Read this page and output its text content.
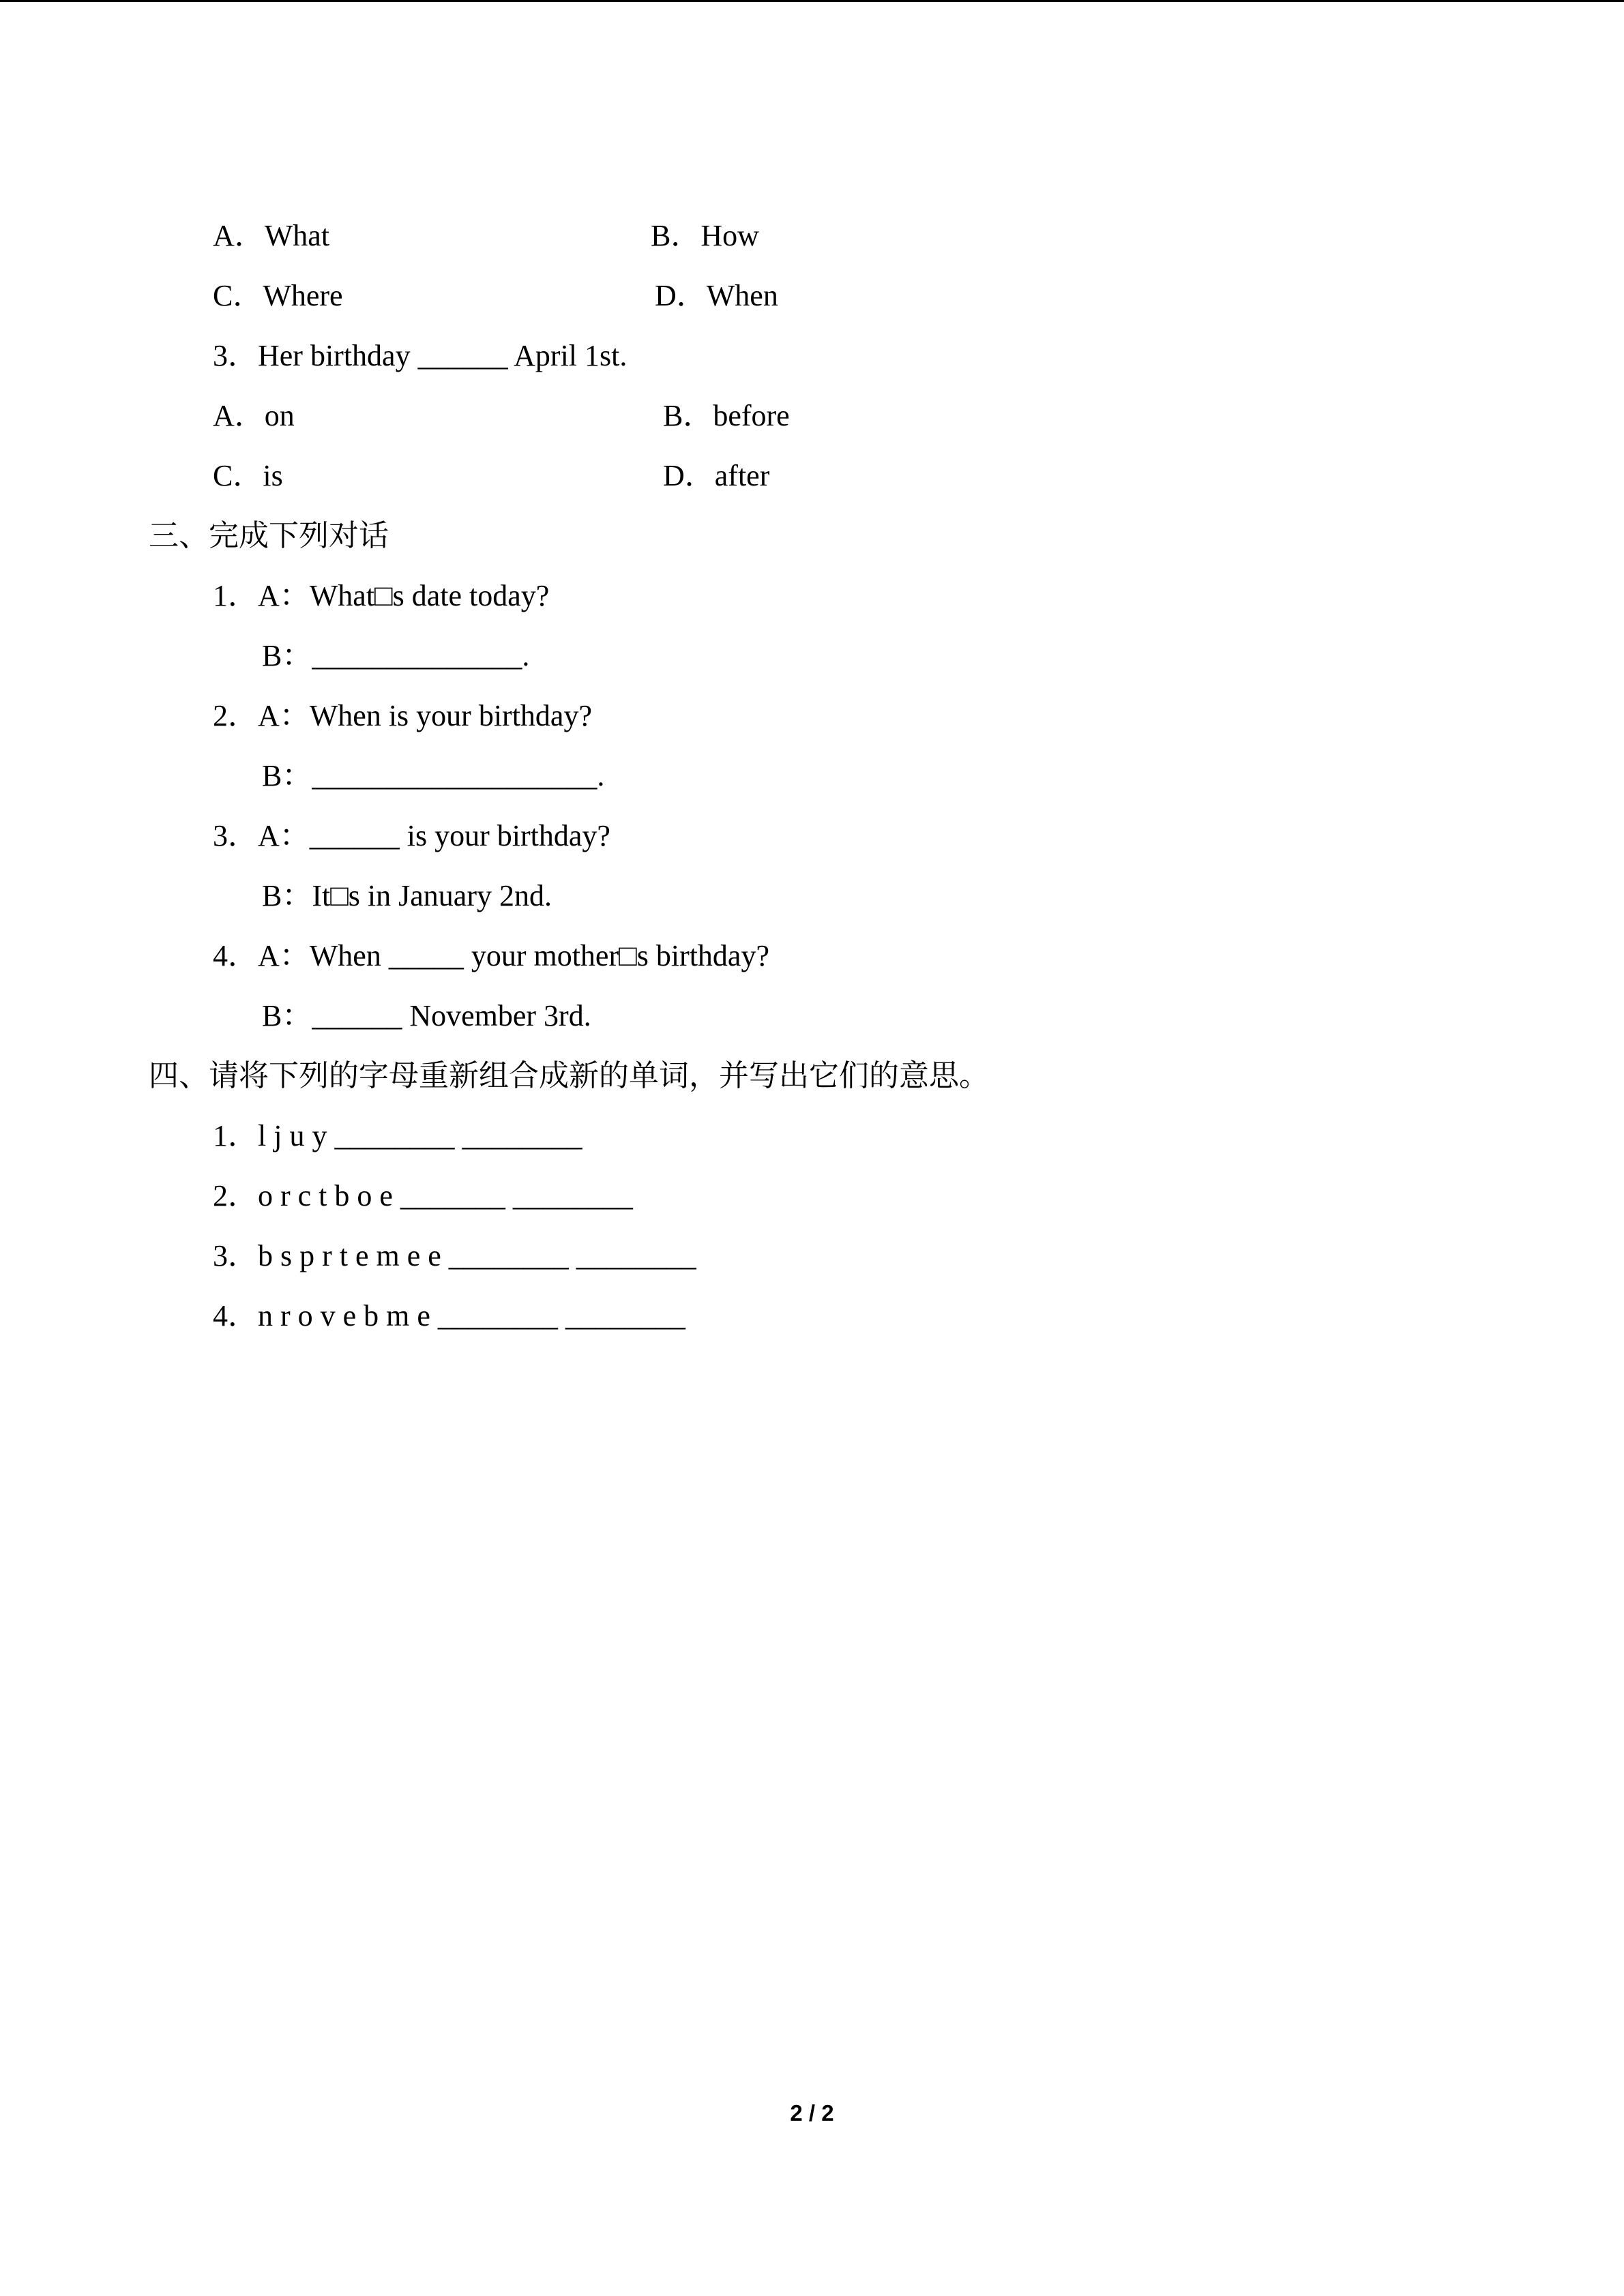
A．What	B．How
C．Where	D．When
3．Her birthday ______ April 1st.
A．on	B．before
C．is	D．after
三、完成下列对话
1．A：What□s date today?
B：______________.
2．A：When is your birthday?
B：___________________.
3．A：______ is your birthday?
B：It□s in January 2nd.
4．A：When _____ your mother□s birthday?
B：______ November 3rd.
四、请将下列的字母重新组合成新的单词，并写出它们的意思。
1．l j u y ________ ________
2．o r c t b o e _______ ________
3．b s p r t e m e e ________ ________
4．n r o v e b m e ________ ________
2 / 2
